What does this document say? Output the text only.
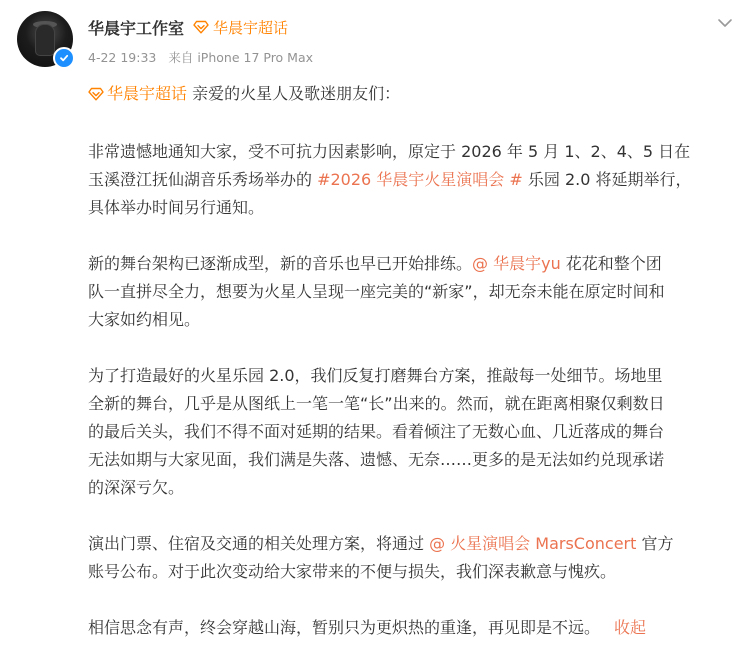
华晨宇工作室 华晨宇超话
4-22 19:33 来自 iPhone 17 Pro Max

华晨宇超话 亲爱的火星人及歌迷朋友们：

非常遗憾地通知大家，受不可抗力因素影响，原定于 2026 年 5 月 1、2、4、5 日在
玉溪澄江抚仙湖音乐秀场举办的 #2026 华晨宇火星演唱会 # 乐园 2.0 将延期举行，
具体举办时间另行通知。

新的舞台架构已逐渐成型，新的音乐也早已开始排练。@ 华晨宇yu 花花和整个团
队一直拼尽全力，想要为火星人呈现一座完美的“新家”，却无奈未能在原定时间和
大家如约相见。

为了打造最好的火星乐园 2.0，我们反复打磨舞台方案，推敲每一处细节。场地里
全新的舞台，几乎是从图纸上一笔一笔“长”出来的。然而，就在距离相聚仅剩数日
的最后关头，我们不得不面对延期的结果。看着倾注了无数心血、几近落成的舞台
无法如期与大家见面，我们满是失落、遗憾、无奈……更多的是无法如约兑现承诺
的深深亏欠。

演出门票、住宿及交通的相关处理方案，将通过 @ 火星演唱会 MarsConcert 官方
账号公布。对于此次变动给大家带来的不便与损失，我们深表歉意与愧疚。

相信思念有声，终会穿越山海，暂别只为更炽热的重逢，再见即是不远。 收起
